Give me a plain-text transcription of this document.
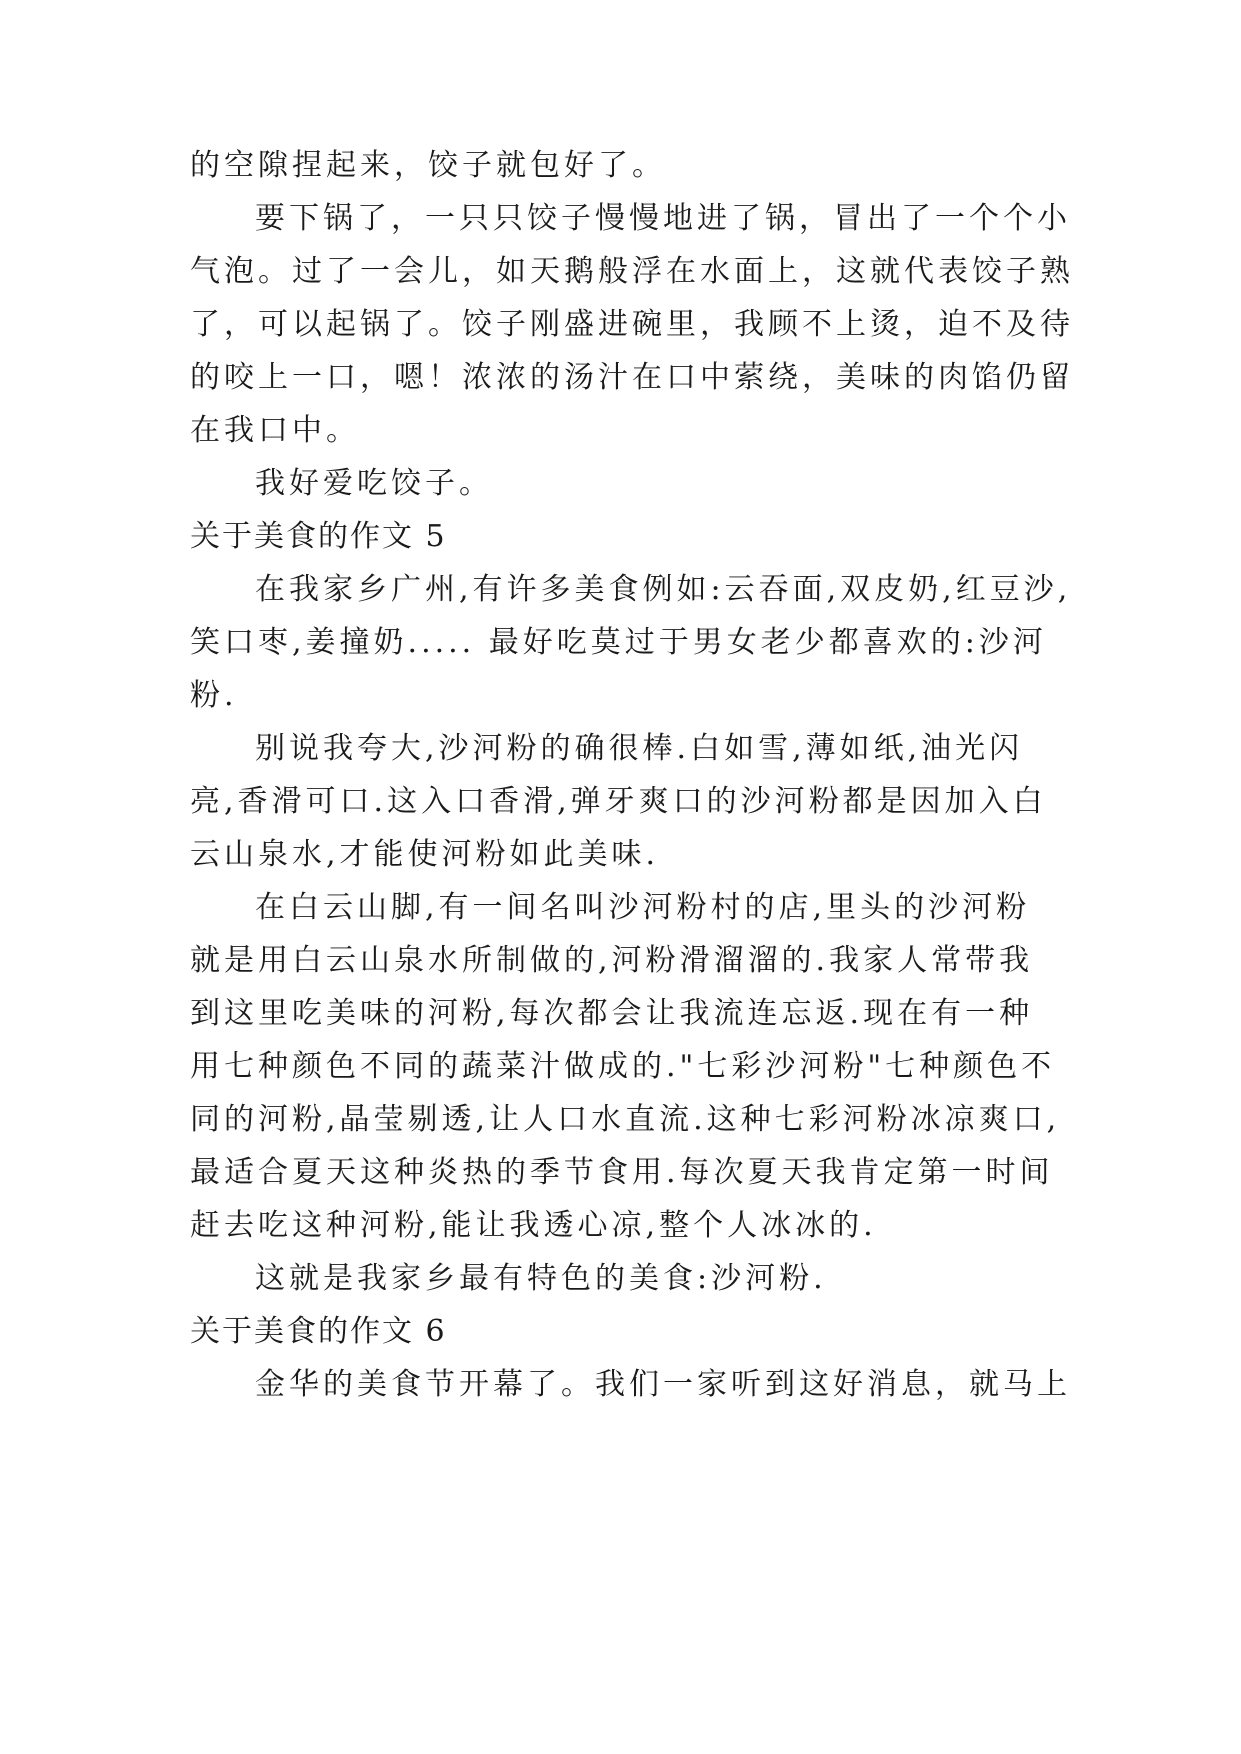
的空隙捏起来，饺子就包好了。
要下锅了，一只只饺子慢慢地进了锅，冒出了一个个小
气泡。过了一会儿，如天鹅般浮在水面上，这就代表饺子熟
了，可以起锅了。饺子刚盛进碗里，我顾不上烫，迫不及待
的咬上一口，嗯！浓浓的汤汁在口中萦绕，美味的肉馅仍留
在我口中。
我好爱吃饺子。
关于美食的作文 5
在我家乡广州,有许多美食例如:云吞面,双皮奶,红豆沙,
笑口枣,姜撞奶..... 最好吃莫过于男女老少都喜欢的:沙河
粉.
别说我夸大,沙河粉的确很棒.白如雪,薄如纸,油光闪
亮,香滑可口.这入口香滑,弹牙爽口的沙河粉都是因加入白
云山泉水,才能使河粉如此美味.
在白云山脚,有一间名叫沙河粉村的店,里头的沙河粉
就是用白云山泉水所制做的,河粉滑溜溜的.我家人常带我
到这里吃美味的河粉,每次都会让我流连忘返.现在有一种
用七种颜色不同的蔬菜汁做成的."七彩沙河粉"七种颜色不
同的河粉,晶莹剔透,让人口水直流.这种七彩河粉冰凉爽口,
最适合夏天这种炎热的季节食用.每次夏天我肯定第一时间
赶去吃这种河粉,能让我透心凉,整个人冰冰的.
这就是我家乡最有特色的美食:沙河粉.
关于美食的作文 6
金华的美食节开幕了。我们一家听到这好消息，就马上
